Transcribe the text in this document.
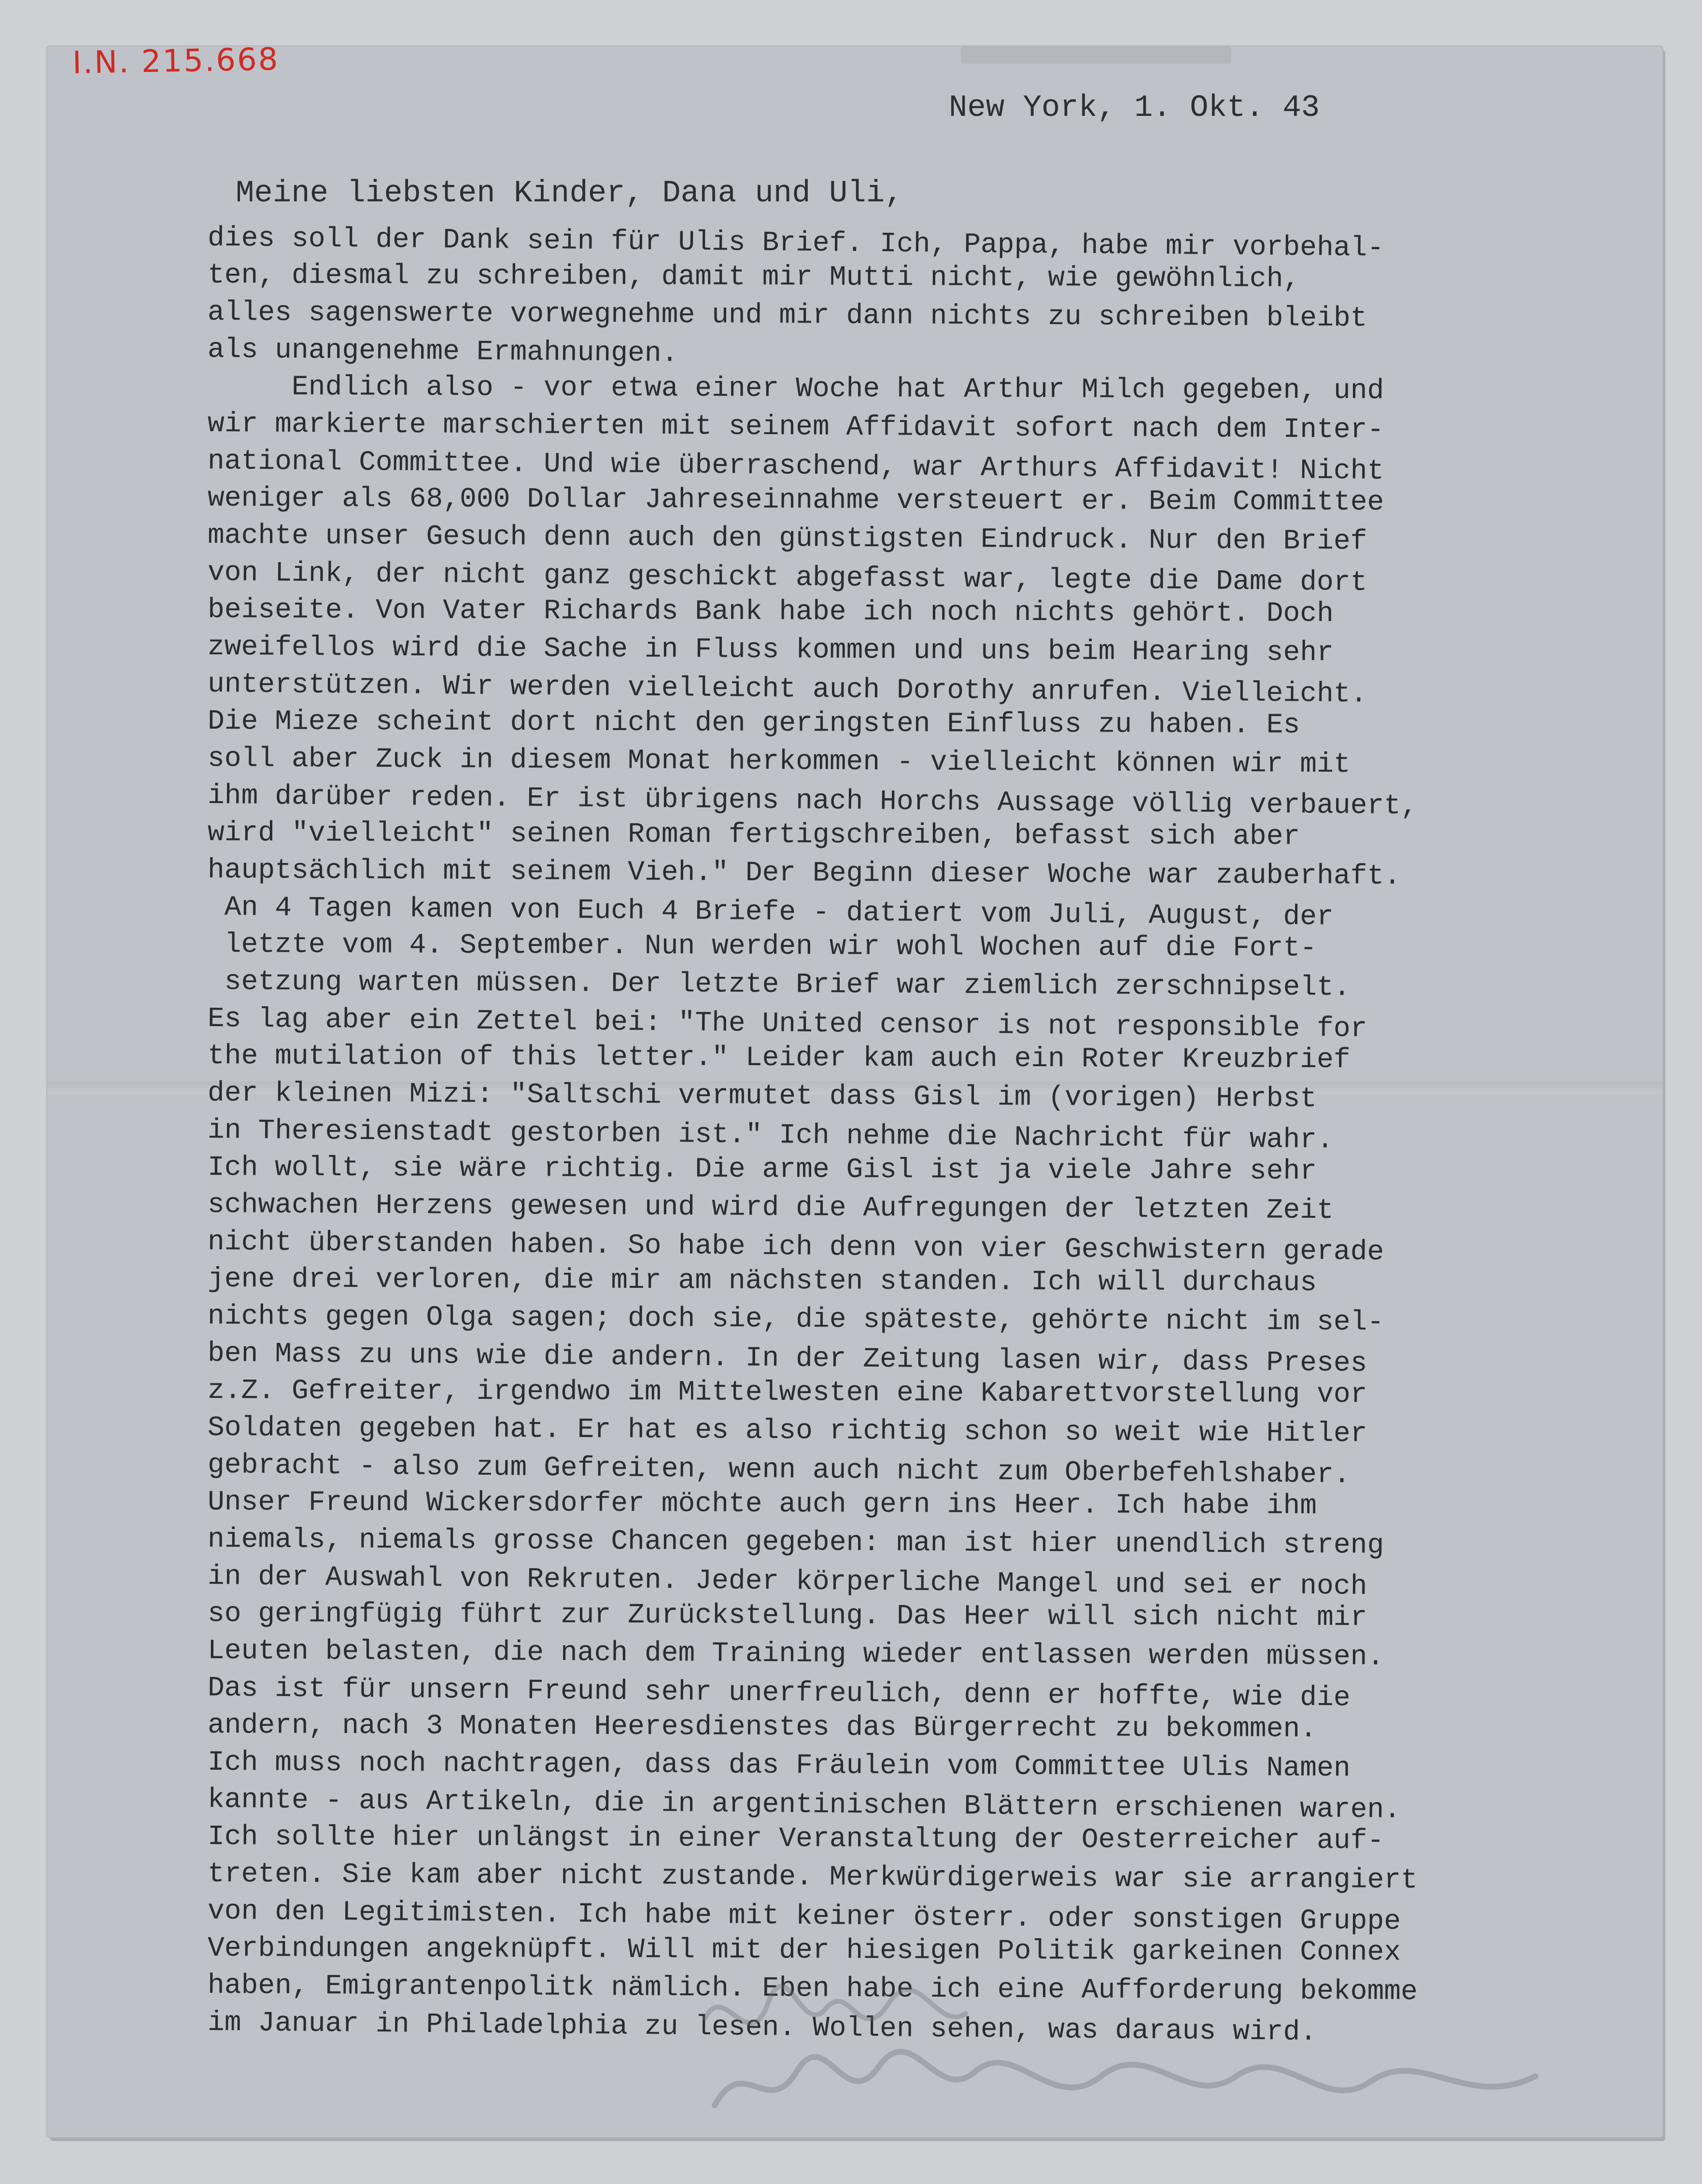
I.N. 215.668
New York, 1. Okt. 43
Meine liebsten Kinder, Dana und Uli,
dies soll der Dank sein für Ulis Brief. Ich, Pappa, habe mir vorbehal-
ten, diesmal zu schreiben, damit mir Mutti nicht, wie gewöhnlich,
alles sagenswerte vorwegnehme und mir dann nichts zu schreiben bleibt
als unangenehme Ermahnungen.
Endlich also - vor etwa einer Woche hat Arthur Milch gegeben, und
wir markierte marschierten mit seinem Affidavit sofort nach dem Inter-
national Committee. Und wie überraschend, war Arthurs Affidavit! Nicht
weniger als 68,000 Dollar Jahreseinnahme versteuert er. Beim Committee
machte unser Gesuch denn auch den günstigsten Eindruck. Nur den Brief
von Link, der nicht ganz geschickt abgefasst war, legte die Dame dort
beiseite. Von Vater Richards Bank habe ich noch nichts gehört. Doch
zweifellos wird die Sache in Fluss kommen und uns beim Hearing sehr
unterstützen. Wir werden vielleicht auch Dorothy anrufen. Vielleicht.
Die Mieze scheint dort nicht den geringsten Einfluss zu haben. Es
soll aber Zuck in diesem Monat herkommen - vielleicht können wir mit
ihm darüber reden. Er ist übrigens nach Horchs Aussage völlig verbauert,
wird "vielleicht" seinen Roman fertigschreiben, befasst sich aber
hauptsächlich mit seinem Vieh." Der Beginn dieser Woche war zauberhaft.
An 4 Tagen kamen von Euch 4 Briefe - datiert vom Juli, August, der
letzte vom 4. September. Nun werden wir wohl Wochen auf die Fort-
setzung warten müssen. Der letzte Brief war ziemlich zerschnipselt.
Es lag aber ein Zettel bei: "The United censor is not responsible for
the mutilation of this letter." Leider kam auch ein Roter Kreuzbrief
der kleinen Mizi: "Saltschi vermutet dass Gisl im (vorigen) Herbst
in Theresienstadt gestorben ist." Ich nehme die Nachricht für wahr.
Ich wollt, sie wäre richtig. Die arme Gisl ist ja viele Jahre sehr
schwachen Herzens gewesen und wird die Aufregungen der letzten Zeit
nicht überstanden haben. So habe ich denn von vier Geschwistern gerade
jene drei verloren, die mir am nächsten standen. Ich will durchaus
nichts gegen Olga sagen; doch sie, die späteste, gehörte nicht im sel-
ben Mass zu uns wie die andern. In der Zeitung lasen wir, dass Preses
z.Z. Gefreiter, irgendwo im Mittelwesten eine Kabarettvorstellung vor
Soldaten gegeben hat. Er hat es also richtig schon so weit wie Hitler
gebracht - also zum Gefreiten, wenn auch nicht zum Oberbefehlshaber.
Unser Freund Wickersdorfer möchte auch gern ins Heer. Ich habe ihm
niemals, niemals grosse Chancen gegeben: man ist hier unendlich streng
in der Auswahl von Rekruten. Jeder körperliche Mangel und sei er noch
so geringfügig führt zur Zurückstellung. Das Heer will sich nicht mir
Leuten belasten, die nach dem Training wieder entlassen werden müssen.
Das ist für unsern Freund sehr unerfreulich, denn er hoffte, wie die
andern, nach 3 Monaten Heeresdienstes das Bürgerrecht zu bekommen.
Ich muss noch nachtragen, dass das Fräulein vom Committee Ulis Namen
kannte - aus Artikeln, die in argentinischen Blättern erschienen waren.
Ich sollte hier unlängst in einer Veranstaltung der Oesterreicher auf-
treten. Sie kam aber nicht zustande. Merkwürdigerweis war sie arrangiert
von den Legitimisten. Ich habe mit keiner österr. oder sonstigen Gruppe
Verbindungen angeknüpft. Will mit der hiesigen Politik garkeinen Connex
haben, Emigrantenpolitk nämlich. Eben habe ich eine Aufforderung bekomme
im Januar in Philadelphia zu lesen. Wollen sehen, was daraus wird.
